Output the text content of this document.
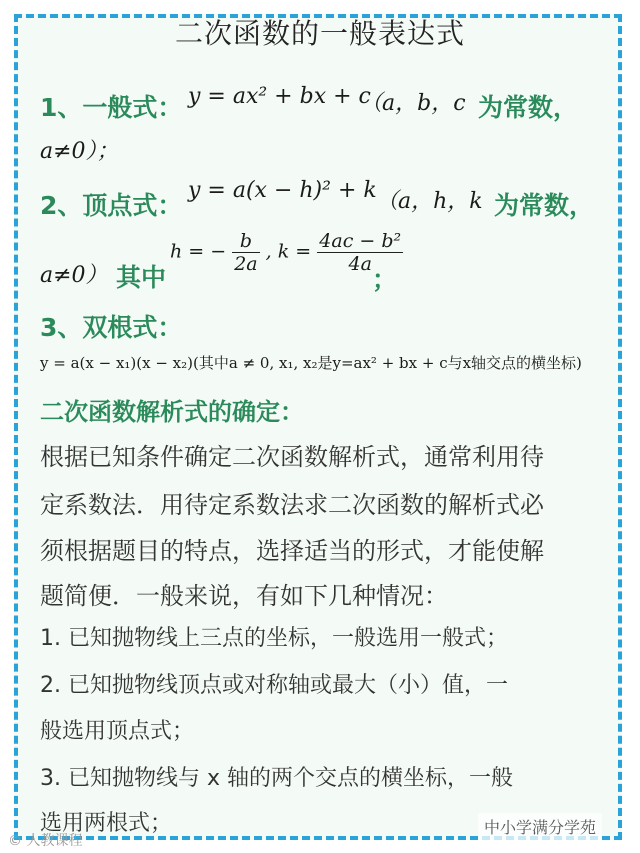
二次函数的一般表达式
1、一般式： y = ax² + bx + c
（a，b，c 为常数，
a≠0）；
2、顶点式：
y = a(x − h)² + k （a，h，k 为常数，
a≠0） 其中
h = − $\frac{b}{2a}$ , $k = \frac{\text{4ac − b²}}{4a}$
；
3、双根式：
y = a(x − x₁)(x − x₂)(其中a ≠ 0, x₁, x₂是y=ax² + bx + c与x轴交点的横坐标)
二次函数解析式的确定：
根据已知条件确定二次函数解析式，通常利用待
定系数法．用待定系数法求二次函数的解析式必
须根据题目的特点，选择适当的形式，才能使解
题简便．一般来说，有如下几种情况：
1. 已知抛物线上三点的坐标，一般选用一般式；
2. 已知抛物线顶点或对称轴或最大（小）值，一
般选用顶点式；
3. 已知抛物线与 x 轴的两个交点的横坐标，一般
选用两根式；
© 人教课程
中小学满分学苑
